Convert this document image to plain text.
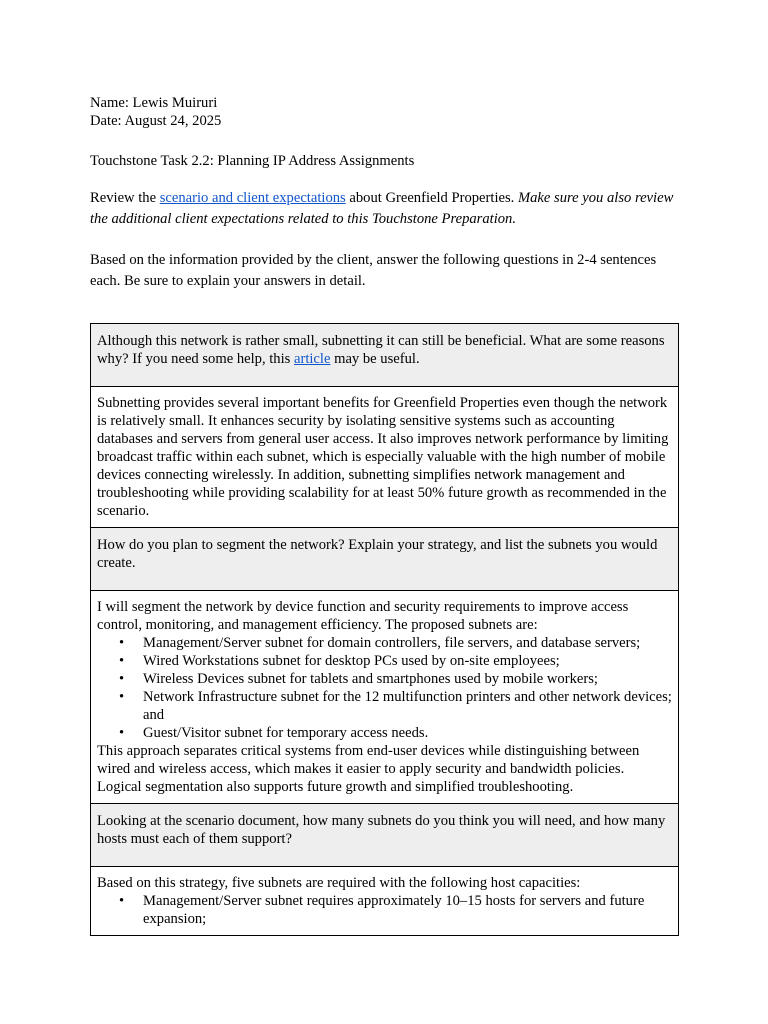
Name: Lewis Muiruri
Date: August 24, 2025
Touchstone Task 2.2: Planning IP Address Assignments

Review the scenario and client expectations about Greenfield Properties. Make sure you also review the additional client expectations related to this Touchstone Preparation.

Based on the information provided by the client, answer the following questions in 2-4 sentences each. Be sure to explain your answers in detail.

Although this network is rather small, subnetting it can still be beneficial. What are some reasons why? If you need some help, this article may be useful.
Subnetting provides several important benefits for Greenfield Properties even though the network is relatively small. It enhances security by isolating sensitive systems such as accounting databases and servers from general user access. It also improves network performance by limiting broadcast traffic within each subnet, which is especially valuable with the high number of mobile devices connecting wirelessly. In addition, subnetting simplifies network management and troubleshooting while providing scalability for at least 50% future growth as recommended in the scenario.
How do you plan to segment the network? Explain your strategy, and list the subnets you would create.

I will segment the network by device function and security requirements to improve access control, monitoring, and management efficiency. The proposed subnets are:

• Management/Server subnet for domain controllers, file servers, and database servers;
• Wired Workstations subnet for desktop PCs used by on-site employees;
• Wireless Devices subnet for tablets and smartphones used by mobile workers;
• Network Infrastructure subnet for the 12 multifunction printers and other network devices; and
• Guest/Visitor subnet for temporary access needs.

This approach separates critical systems from end-user devices while distinguishing between wired and wireless access, which makes it easier to apply security and bandwidth policies. Logical segmentation also supports future growth and simplified troubleshooting.

Looking at the scenario document, how many subnets do you think you will need, and how many hosts must each of them support?

Based on this strategy, five subnets are required with the following host capacities:

• Management/Server subnet requires approximately 10–15 hosts for servers and future expansion;
